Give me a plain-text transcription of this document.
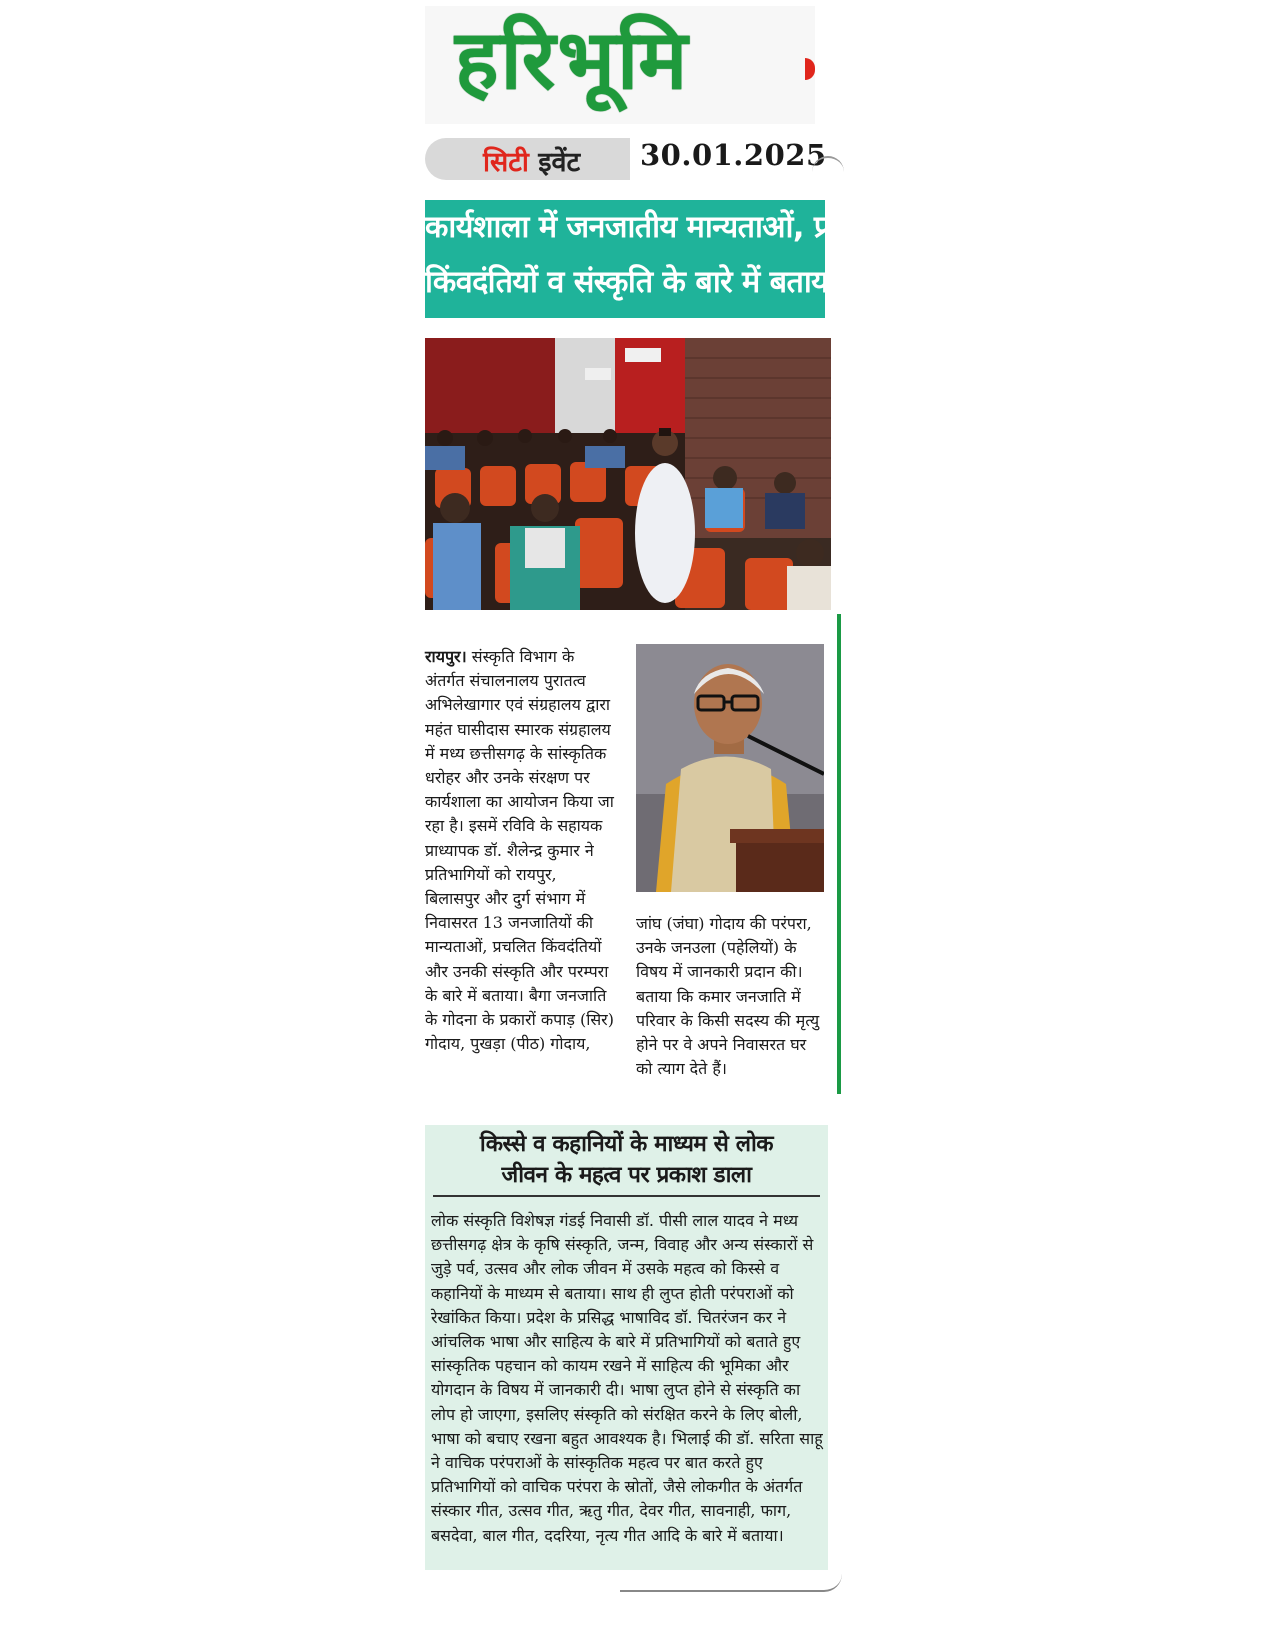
हरिभूमि
सिटी इवेंट 30.01.2025
कार्यशाला में जनजातीय मान्यताओं, प्रचलित
किंवदंतियों व संस्कृति के बारे में बताया
रायपुर। संस्कृति विभाग के अंतर्गत संचालनालय पुरातत्व अभिलेखागार एवं संग्रहालय द्वारा महंत घासीदास स्मारक संग्रहालय में मध्य छत्तीसगढ़ के सांस्कृतिक धरोहर और उनके संरक्षण पर कार्यशाला का आयोजन किया जा रहा है। इसमें रविवि के सहायक प्राध्यापक डॉ. शैलेन्द्र कुमार ने प्रतिभागियों को रायपुर, बिलासपुर और दुर्ग संभाग में निवासरत 13 जनजातियों की मान्यताओं, प्रचलित किंवदंतियों और उनकी संस्कृति और परम्परा के बारे में बताया। बैगा जनजाति के गोदना के प्रकारों कपाड़ (सिर) गोदाय, पुखड़ा (पीठ) गोदाय,
जांघ (जंघा) गोदाय की परंपरा, उनके जनउला (पहेलियों) के विषय में जानकारी प्रदान की। बताया कि कमार जनजाति में परिवार के किसी सदस्य की मृत्यु होने पर वे अपने निवासरत घर को त्याग देते हैं।
किस्से व कहानियों के माध्यम से लोक
जीवन के महत्व पर प्रकाश डाला
लोक संस्कृति विशेषज्ञ गंडई निवासी डॉ. पीसी लाल यादव ने मध्य छत्तीसगढ़ क्षेत्र के कृषि संस्कृति, जन्म, विवाह और अन्य संस्कारों से जुड़े पर्व, उत्सव और लोक जीवन में उसके महत्व को किस्से व कहानियों के माध्यम से बताया। साथ ही लुप्त होती परंपराओं को रेखांकित किया। प्रदेश के प्रसिद्ध भाषाविद डॉ. चितरंजन कर ने आंचलिक भाषा और साहित्य के बारे में प्रतिभागियों को बताते हुए सांस्कृतिक पहचान को कायम रखने में साहित्य की भूमिका और योगदान के विषय में जानकारी दी। भाषा लुप्त होने से संस्कृति का लोप हो जाएगा, इसलिए संस्कृति को संरक्षित करने के लिए बोली, भाषा को बचाए रखना बहुत आवश्यक है। भिलाई की डॉ. सरिता साहू ने वाचिक परंपराओं के सांस्कृतिक महत्व पर बात करते हुए प्रतिभागियों को वाचिक परंपरा के स्रोतों, जैसे लोकगीत के अंतर्गत संस्कार गीत, उत्सव गीत, ऋतु गीत, देवर गीत, सावनाही, फाग, बसदेवा, बाल गीत, ददरिया, नृत्य गीत आदि के बारे में बताया।
